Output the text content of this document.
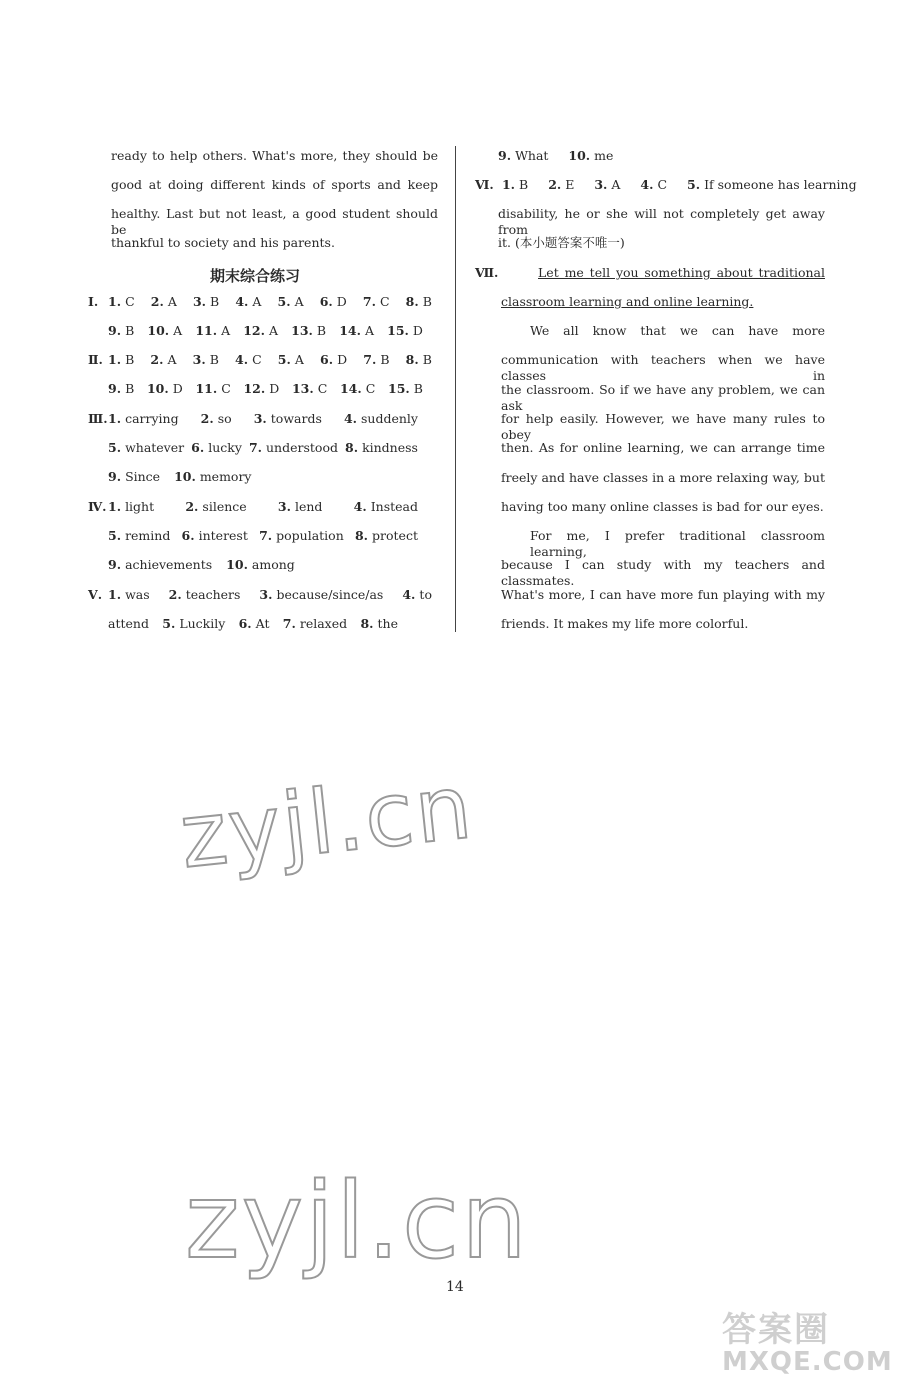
ready to help others. What's more, they should be
good at doing different kinds of sports and keep
healthy. Last but not least, a good student should be
thankful to society and his parents.
期末综合练习
Ⅰ. 1. C 2. A 3. B 4. A 5. A 6. D 7. C 8. B
9. B 10. A 11. A 12. A 13. B 14. A 15. D
Ⅱ. 1. B 2. A 3. B 4. C 5. A 6. D 7. B 8. B
9. B 10. D 11. C 12. D 13. C 14. C 15. B
Ⅲ. 1. carrying 2. so 3. towards 4. suddenly
5. whatever 6. lucky 7. understood 8. kindness
9. Since 10. memory
Ⅳ. 1. light 2. silence 3. lend 4. Instead
5. remind 6. interest 7. population 8. protect
9. achievements 10. among
Ⅴ. 1. was 2. teachers 3. because/since/as 4. to
attend 5. Luckily 6. At 7. relaxed 8. the
9. What 10. me
Ⅵ. 1. B 2. E 3. A 4. C 5. If someone has learning
disability, he or she will not completely get away from
it. (本小题答案不唯一)
Ⅶ.	Let me tell you something about traditional
classroom learning and online learning.
We all know that we can have more
communication with teachers when we have classes in
the classroom. So if we have any problem, we can ask
for help easily. However, we have many rules to obey
then. As for online learning, we can arrange time
freely and have classes in a more relaxing way, but
having too many online classes is bad for our eyes.
For me, I prefer traditional classroom learning,
because I can study with my teachers and classmates.
What's more, I can have more fun playing with my
friends. It makes my life more colorful.
zyjl.cn
zyjl.cn
14
答案圈
MXQE.COM
